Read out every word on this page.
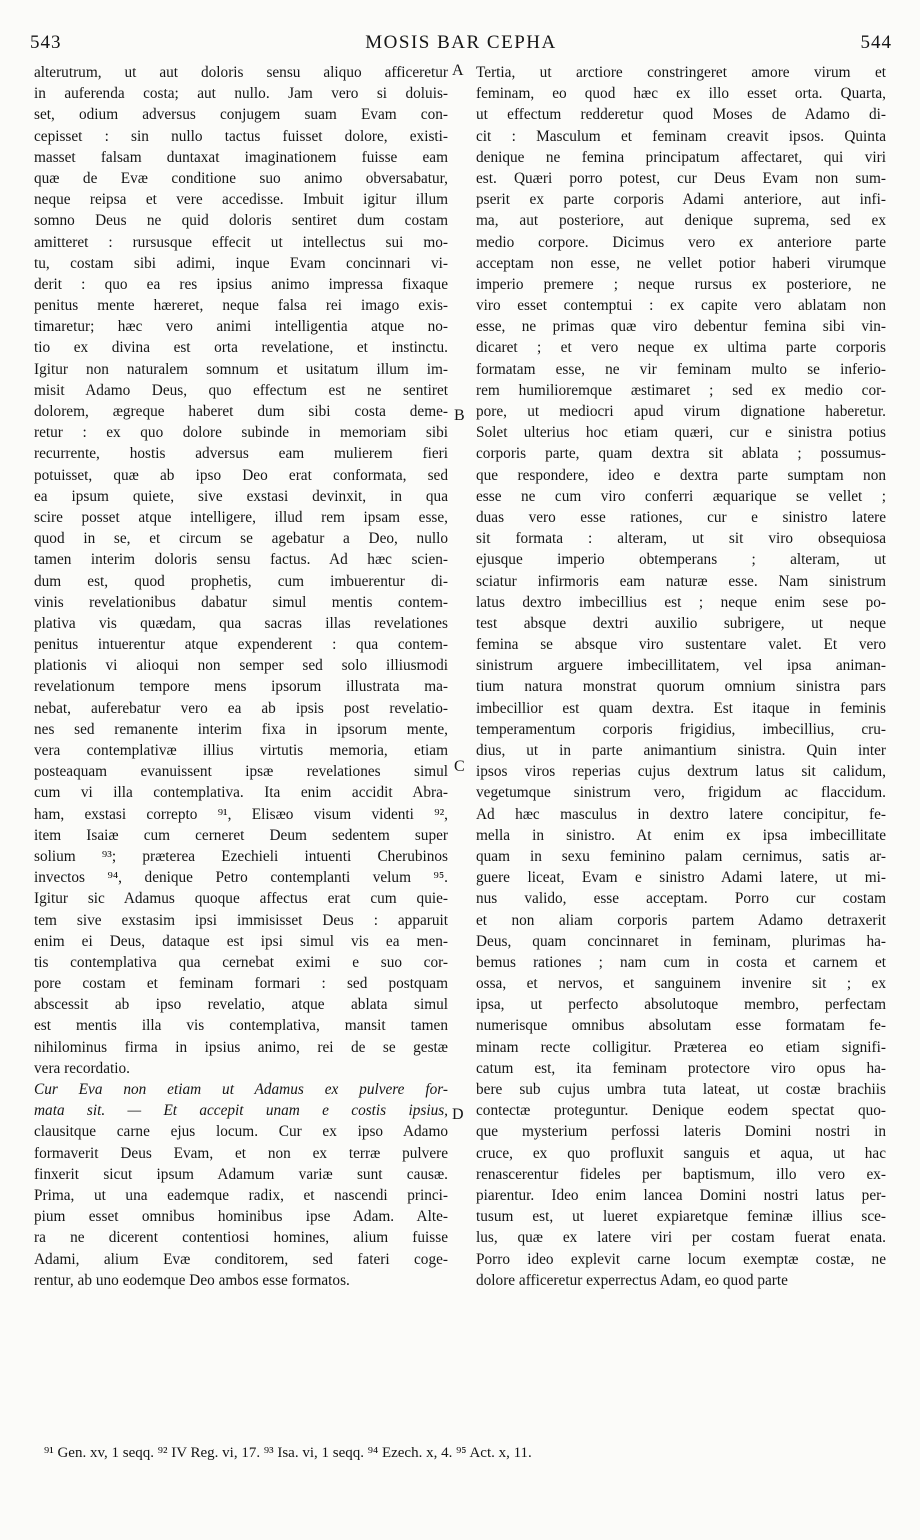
543	MOSIS BAR CEPHA	544
alterutrum, ut aut doloris sensu aliquo afficeretur
in auferenda costa; aut nullo. Jam vero si doluis-
set, odium adversus conjugem suam Evam con-
cepisset : sin nullo tactus fuisset dolore, existi-
masset falsam duntaxat imaginationem fuisse eam
quæ de Evæ conditione suo animo obversabatur,
neque reipsa et vere accedisse. Imbuit igitur illum
somno Deus ne quid doloris sentiret dum costam
amitteret : rursusque effecit ut intellectus sui mo-
tu, costam sibi adimi, inque Evam concinnari vi-
derit : quo ea res ipsius animo impressa fixaque
penitus mente hæreret, neque falsa rei imago exis-
timaretur; hæc vero animi intelligentia atque no-
tio ex divina est orta revelatione, et instinctu.
Igitur non naturalem somnum et usitatum illum im-
misit Adamo Deus, quo effectum est ne sentiret
dolorem, ægreque haberet dum sibi costa deme-
retur : ex quo dolore subinde in memoriam sibi
recurrente, hostis adversus eam mulierem fieri
potuisset, quæ ab ipso Deo erat conformata, sed
ea ipsum quiete, sive exstasi devinxit, in qua
scire posset atque intelligere, illud rem ipsam esse,
quod in se, et circum se agebatur a Deo, nullo
tamen interim doloris sensu factus. Ad hæc scien-
dum est, quod prophetis, cum imbuerentur di-
vinis revelationibus dabatur simul mentis contem-
plativa vis quædam, qua sacras illas revelationes
penitus intuerentur atque expenderent : qua contem-
plationis vi alioqui non semper sed solo illiusmodi
revelationum tempore mens ipsorum illustrata ma-
nebat, auferebatur vero ea ab ipsis post revelatio-
nes sed remanente interim fixa in ipsorum mente,
vera contemplativæ illius virtutis memoria, etiam
posteaquam evanuissent ipsæ revelationes simul
cum vi illa contemplativa. Ita enim accidit Abra-
ham, exstasi correpto ⁹¹, Elisæo visum videnti ⁹²,
item Isaiæ cum cerneret Deum sedentem super
solium ⁹³; præterea Ezechieli intuenti Cherubinos
invectos ⁹⁴, denique Petro contemplanti velum ⁹⁵.
Igitur sic Adamus quoque affectus erat cum quie-
tem sive exstasim ipsi immisisset Deus : apparuit
enim ei Deus, dataque est ipsi simul vis ea men-
tis contemplativa qua cernebat eximi e suo cor-
pore costam et feminam formari : sed postquam
abscessit ab ipso revelatio, atque ablata simul
est mentis illa vis contemplativa, mansit tamen
nihilominus firma in ipsius animo, rei de se gestæ
vera recordatio.
Cur Eva non etiam ut Adamus ex pulvere for-
mata sit. — Et accepit unam e costis ipsius,
clausitque carne ejus locum. Cur ex ipso Adamo
formaverit Deus Evam, et non ex terræ pulvere
finxerit sicut ipsum Adamum variæ sunt causæ.
Prima, ut una eademque radix, et nascendi princi-
pium esset omnibus hominibus ipse Adam. Alte-
ra ne dicerent contentiosi homines, alium fuisse
Adami, alium Evæ conditorem, sed fateri coge-
rentur, ab uno eodemque Deo ambos esse formatos.
Tertia, ut arctiore constringeret amore virum et
feminam, eo quod hæc ex illo esset orta. Quarta,
ut effectum redderetur quod Moses de Adamo di-
cit : Masculum et feminam creavit ipsos. Quinta
denique ne femina principatum affectaret, qui viri
est. Quæri porro potest, cur Deus Evam non sum-
pserit ex parte corporis Adami anteriore, aut infi-
ma, aut posteriore, aut denique suprema, sed ex
medio corpore. Dicimus vero ex anteriore parte
acceptam non esse, ne vellet potior haberi virumque
imperio premere ; neque rursus ex posteriore, ne
viro esset contemptui : ex capite vero ablatam non
esse, ne primas quæ viro debentur femina sibi vin-
dicaret ; et vero neque ex ultima parte corporis
formatam esse, ne vir feminam multo se inferio-
rem humilioremque æstimaret ; sed ex medio cor-
pore, ut mediocri apud virum dignatione haberetur.
Solet ulterius hoc etiam quæri, cur e sinistra potius
corporis parte, quam dextra sit ablata ; possumus-
que respondere, ideo e dextra parte sumptam non
esse ne cum viro conferri æquarique se vellet ;
duas vero esse rationes, cur e sinistro latere
sit formata : alteram, ut sit viro obsequiosa
ejusque imperio obtemperans ; alteram, ut
sciatur infirmoris eam naturæ esse. Nam sinistrum
latus dextro imbecillius est ; neque enim sese po-
test absque dextri auxilio subrigere, ut neque
femina se absque viro sustentare valet. Et vero
sinistrum arguere imbecillitatem, vel ipsa animan-
tium natura monstrat quorum omnium sinistra pars
imbecillior est quam dextra. Est itaque in feminis
temperamentum corporis frigidius, imbecillius, cru-
dius, ut in parte animantium sinistra. Quin inter
ipsos viros reperias cujus dextrum latus sit calidum,
vegetumque sinistrum vero, frigidum ac flaccidum.
Ad hæc masculus in dextro latere concipitur, fe-
mella in sinistro. At enim ex ipsa imbecillitate
quam in sexu feminino palam cernimus, satis ar-
guere liceat, Evam e sinistro Adami latere, ut mi-
nus valido, esse acceptam. Porro cur costam
et non aliam corporis partem Adamo detraxerit
Deus, quam concinnaret in feminam, plurimas ha-
bemus rationes ; nam cum in costa et carnem et
ossa, et nervos, et sanguinem invenire sit ; ex
ipsa, ut perfecto absolutoque membro, perfectam
numerisque omnibus absolutam esse formatam fe-
minam recte colligitur. Præterea eo etiam signifi-
catum est, ita feminam protectore viro opus ha-
bere sub cujus umbra tuta lateat, ut costæ brachiis
contectæ proteguntur. Denique eodem spectat quo-
que mysterium perfossi lateris Domini nostri in
cruce, ex quo profluxit sanguis et aqua, ut hac
renascerentur fideles per baptismum, illo vero ex-
piarentur. Ideo enim lancea Domini nostri latus per-
tusum est, ut lueret expiaretque feminæ illius sce-
lus, quæ ex latere viri per costam fuerat enata.
Porro ideo explevit carne locum exemptæ costæ, ne
dolore afficeretur experrectus Adam, eo quod parte
A
B
C
D
⁹¹ Gen. xv, 1 seqq. ⁹² IV Reg. vi, 17. ⁹³ Isa. vi, 1 seqq. ⁹⁴ Ezech. x, 4. ⁹⁵ Act. x, 11.
